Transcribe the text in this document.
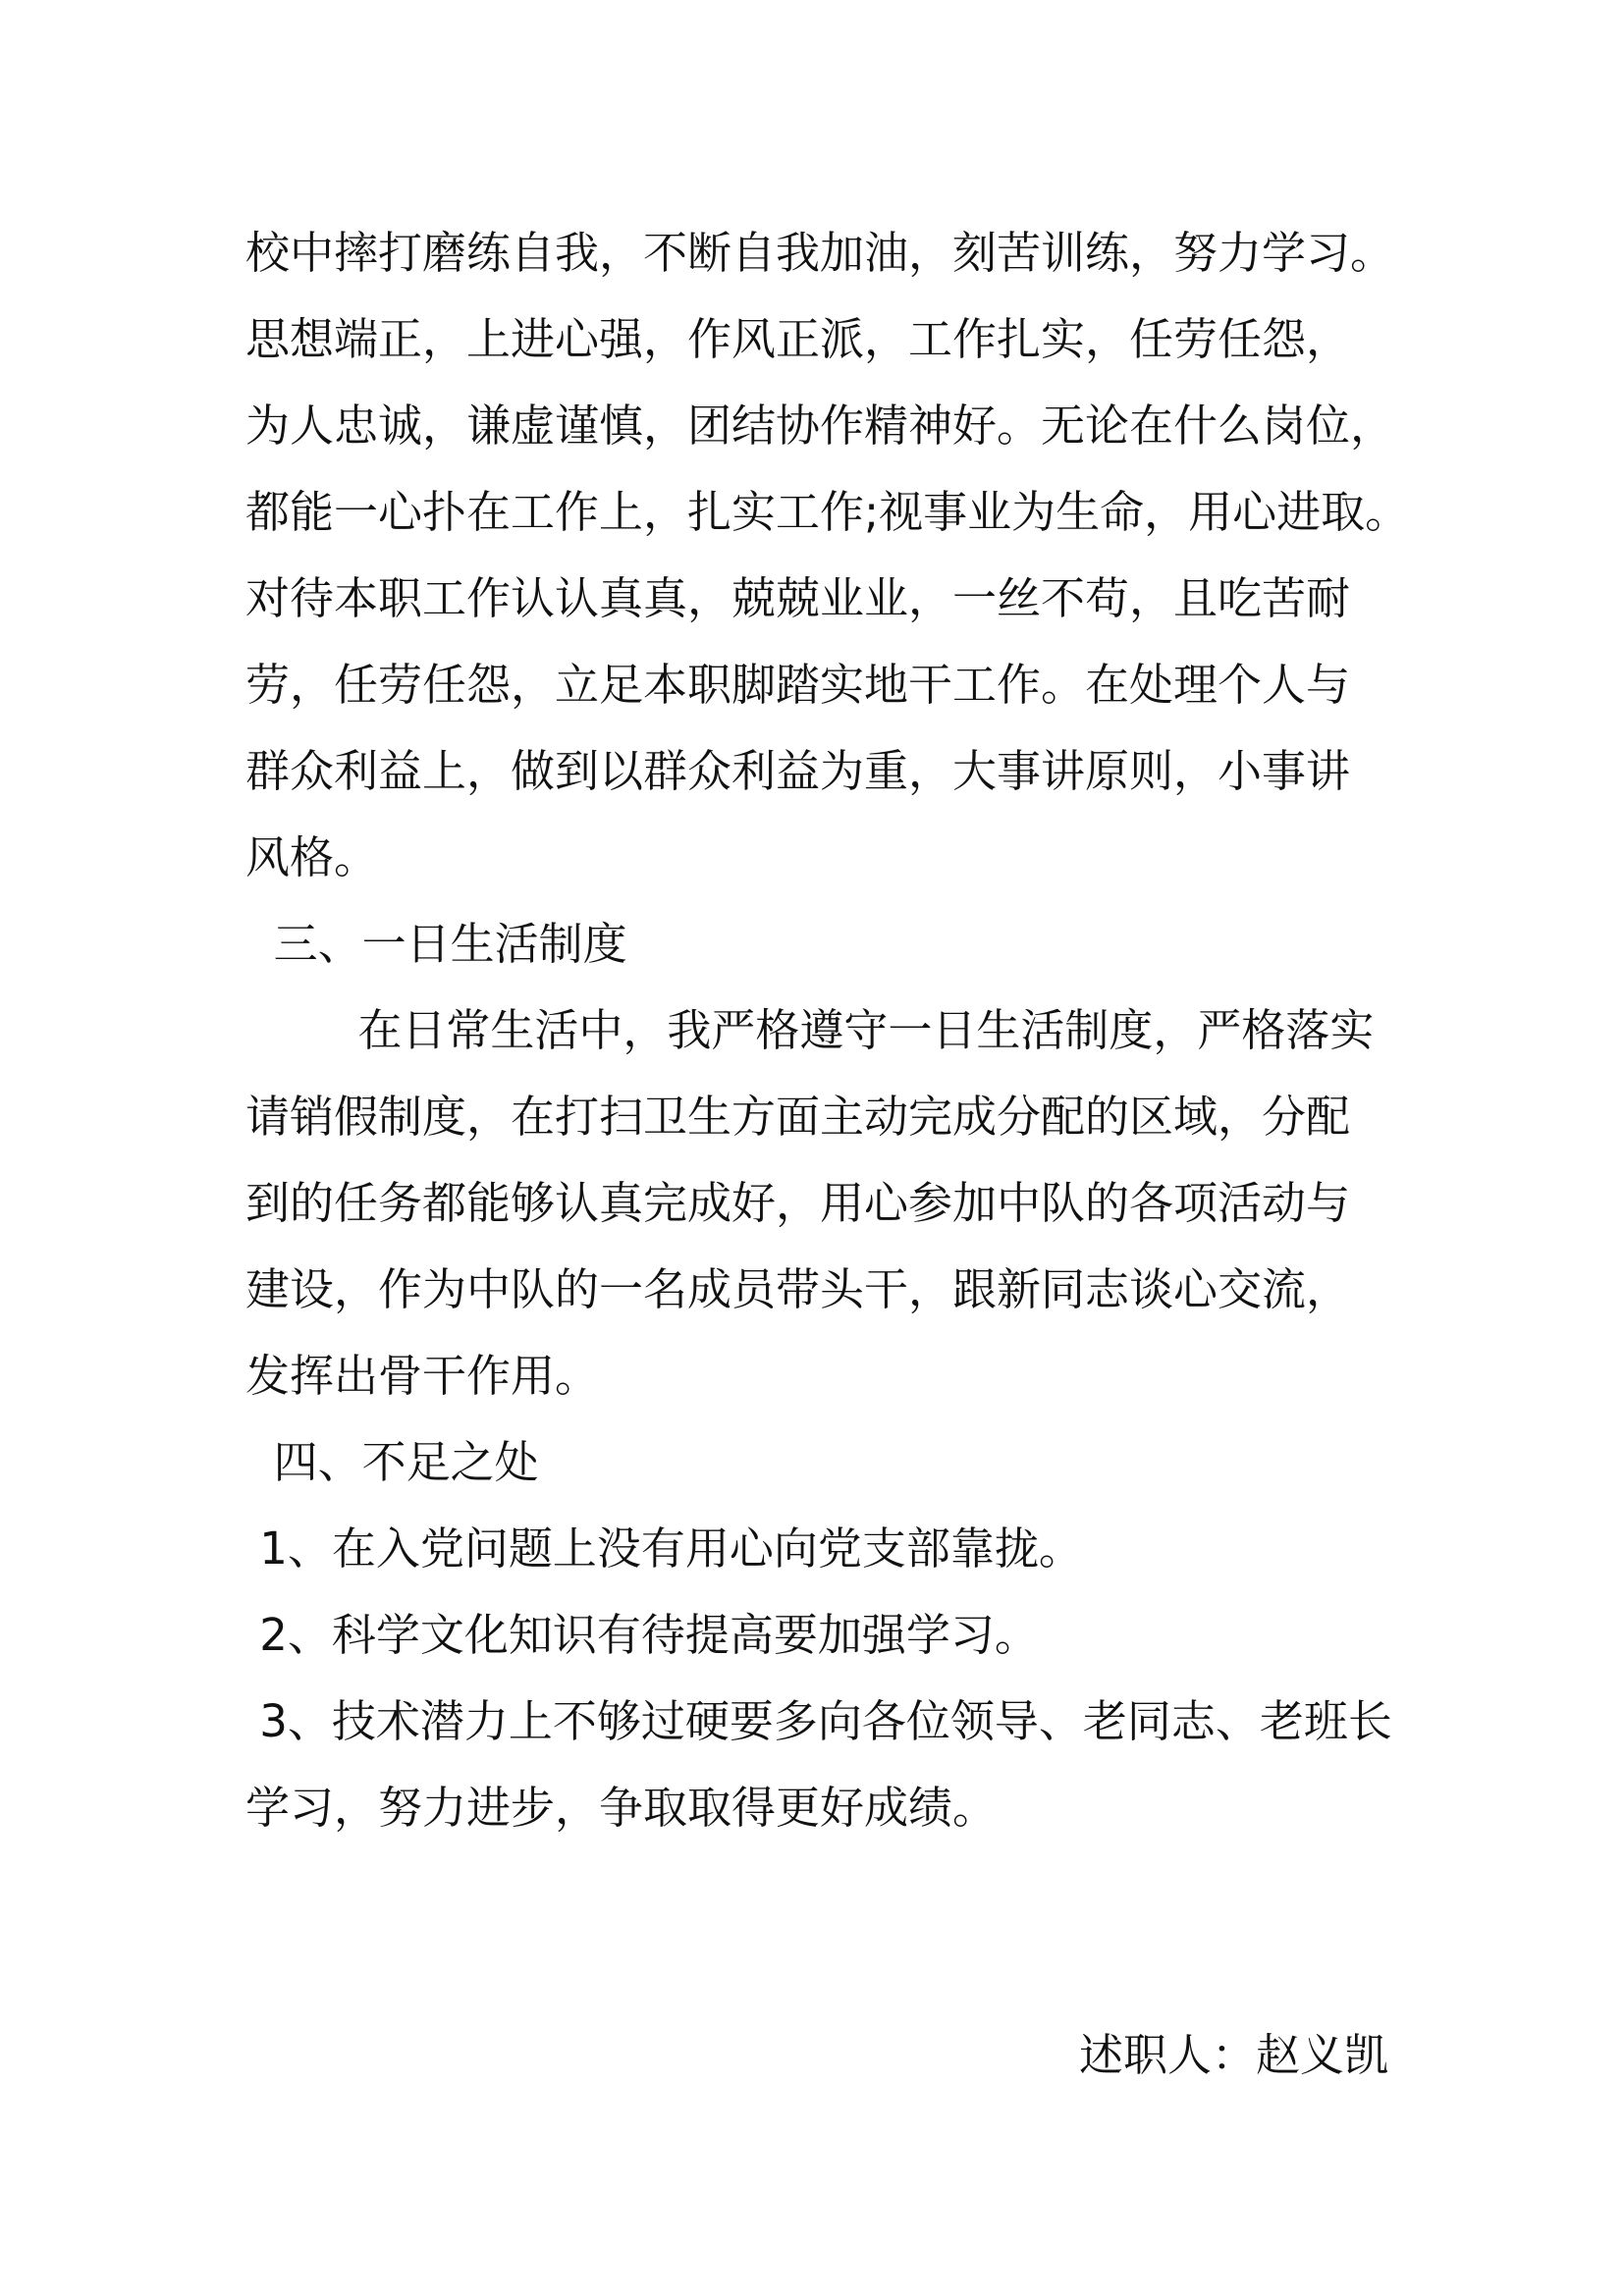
校中摔打磨练自我，不断自我加油，刻苦训练，努力学习。
思想端正，上进心强，作风正派，工作扎实，任劳任怨，
为人忠诚，谦虚谨慎，团结协作精神好。无论在什么岗位，
都能一心扑在工作上，扎实工作;视事业为生命，用心进取。
对待本职工作认认真真，兢兢业业，一丝不苟，且吃苦耐
劳，任劳任怨，立足本职脚踏实地干工作。在处理个人与
群众利益上，做到以群众利益为重，大事讲原则，小事讲
风格。
三、一日生活制度
在日常生活中，我严格遵守一日生活制度，严格落实
请销假制度，在打扫卫生方面主动完成分配的区域，分配
到的任务都能够认真完成好，用心参加中队的各项活动与
建设，作为中队的一名成员带头干，跟新同志谈心交流，
发挥出骨干作用。
四、不足之处
1、在入党问题上没有用心向党支部靠拢。
2、科学文化知识有待提高要加强学习。
3、技术潜力上不够过硬要多向各位领导、老同志、老班长
学习，努力进步，争取取得更好成绩。
述职人：赵义凯
